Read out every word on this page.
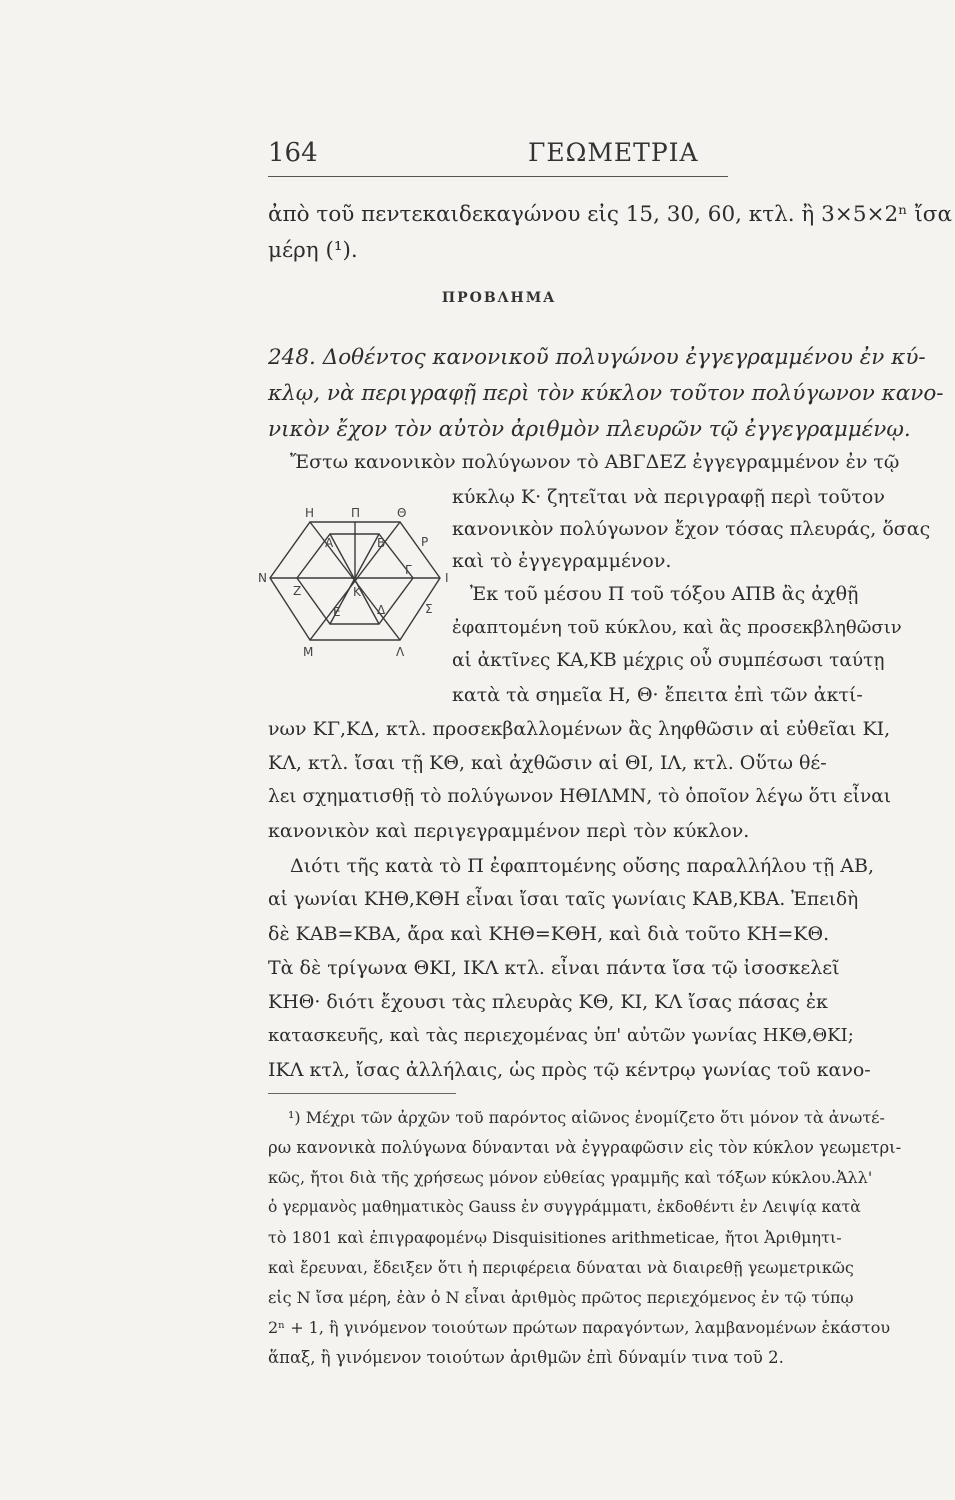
164	ΓΕΩΜΕΤΡΙΑ
ἀπὸ τοῦ πεντεκαιδεκαγώνου εἰς 15, 30, 60, κτλ. ἢ 3×5×2ⁿ ἴσα
μέρη (¹).
ΠΡΟΒΛΗΜΑ
248. Δοθέντος κανονικοῦ πολυγώνου ἐγγεγραμμένου ἐν κύ-
κλῳ, νὰ περιγραφῇ περὶ τὸν κύκλον τοῦτον πολύγωνον κανο-
νικὸν ἔχον τὸν αὐτὸν ἀριθμὸν πλευρῶν τῷ ἐγγεγραμμένῳ.
Ἔστω κανονικὸν πολύγωνον τὸ ΑΒΓΔΕΖ ἐγγεγραμμένον ἐν τῷ
κύκλῳ Κ· ζητεῖται νὰ περιγραφῇ περὶ τοῦτον
κανονικὸν πολύγωνον ἔχον τόσας πλευράς, ὅσας
καὶ τὸ ἐγγεγραμμένον.
Ἐκ τοῦ μέσου Π τοῦ τόξου ΑΠΒ ἂς ἀχθῇ
ἐφαπτομένη τοῦ κύκλου, καὶ ἂς προσεκβληθῶσιν
αἱ ἀκτῖνες ΚΑ,ΚΒ μέχρις οὗ συμπέσωσι ταύτῃ
κατὰ τὰ σημεῖα Η, Θ· ἔπειτα ἐπὶ τῶν ἀκτί-
νων ΚΓ,ΚΔ, κτλ. προσεκβαλλομένων ἂς ληφθῶσιν αἱ εὐθεῖαι ΚΙ,
ΚΛ, κτλ. ἴσαι τῇ ΚΘ, καὶ ἀχθῶσιν αἱ ΘΙ, ΙΛ, κτλ. Οὕτω θέ-
λει σχηματισθῇ τὸ πολύγωνον ΗΘΙΛΜΝ, τὸ ὁποῖον λέγω ὅτι εἶναι
κανονικὸν καὶ περιγεγραμμένον περὶ τὸν κύκλον.
Διότι τῆς κατὰ τὸ Π ἐφαπτομένης οὔσης παραλλήλου τῇ ΑΒ,
αἱ γωνίαι ΚΗΘ,ΚΘΗ εἶναι ἴσαι ταῖς γωνίαις ΚΑΒ,ΚΒΑ. Ἐπειδὴ
δὲ ΚΑΒ=ΚΒΑ, ἄρα καὶ ΚΗΘ=ΚΘΗ, καὶ διὰ τοῦτο ΚΗ=ΚΘ.
Τὰ δὲ τρίγωνα ΘΚΙ, ΙΚΛ κτλ. εἶναι πάντα ἴσα τῷ ἰσοσκελεῖ
ΚΗΘ· διότι ἔχουσι τὰς πλευρὰς ΚΘ, ΚΙ, ΚΛ ἴσας πάσας ἐκ
κατασκευῆς, καὶ τὰς περιεχομένας ὑπ' αὐτῶν γωνίας ΗΚΘ,ΘΚΙ;
ΙΚΛ κτλ, ἴσας ἀλλήλαις, ὡς πρὸς τῷ κέντρῳ γωνίας τοῦ κανο-
¹) Μέχρι τῶν ἀρχῶν τοῦ παρόντος αἰῶνος ἐνομίζετο ὅτι μόνον τὰ ἀνωτέ-
ρω κανονικὰ πολύγωνα δύνανται νὰ ἐγγραφῶσιν εἰς τὸν κύκλον γεωμετρι-
κῶς, ἤτοι διὰ τῆς χρήσεως μόνον εὐθείας γραμμῆς καὶ τόξων κύκλου.Ἀλλ'
ὁ γερμανὸς μαθηματικὸς Gauss ἐν συγγράμματι, ἐκδοθέντι ἐν Λειψίᾳ κατὰ
τὸ 1801 καὶ ἐπιγραφομένῳ Disquisitiones arithmeticae, ἤτοι Ἀριθμητι-
καὶ ἔρευναι, ἔδειξεν ὅτι ἡ περιφέρεια δύναται νὰ διαιρεθῇ γεωμετρικῶς
εἰς Ν ἴσα μέρη, ἐὰν ὁ Ν εἶναι ἀριθμὸς πρῶτος περιεχόμενος ἐν τῷ τύπῳ
2ⁿ + 1, ἢ γινόμενον τοιούτων πρώτων παραγόντων, λαμβανομένων ἑκάστου
ἅπαξ, ἢ γινόμενον τοιούτων ἀριθμῶν ἐπὶ δύναμίν τινα τοῦ 2.
Η	Π	Θ
Α	Β	Ρ
Ν
Ζ	Κ
Γ
Ι
Ε	Δ	Σ
Μ	Λ
